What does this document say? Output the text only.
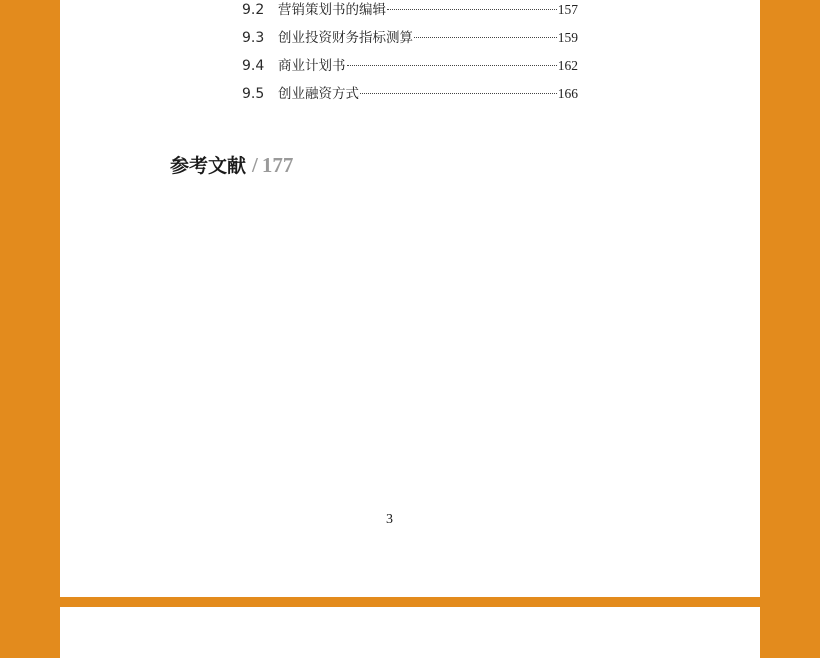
9.2	营销策划书的编辑	157
9.3	创业投资财务指标测算	159
9.4	商业计划书	162
9.5	创业融资方式	166
参考文献 / 177
3
